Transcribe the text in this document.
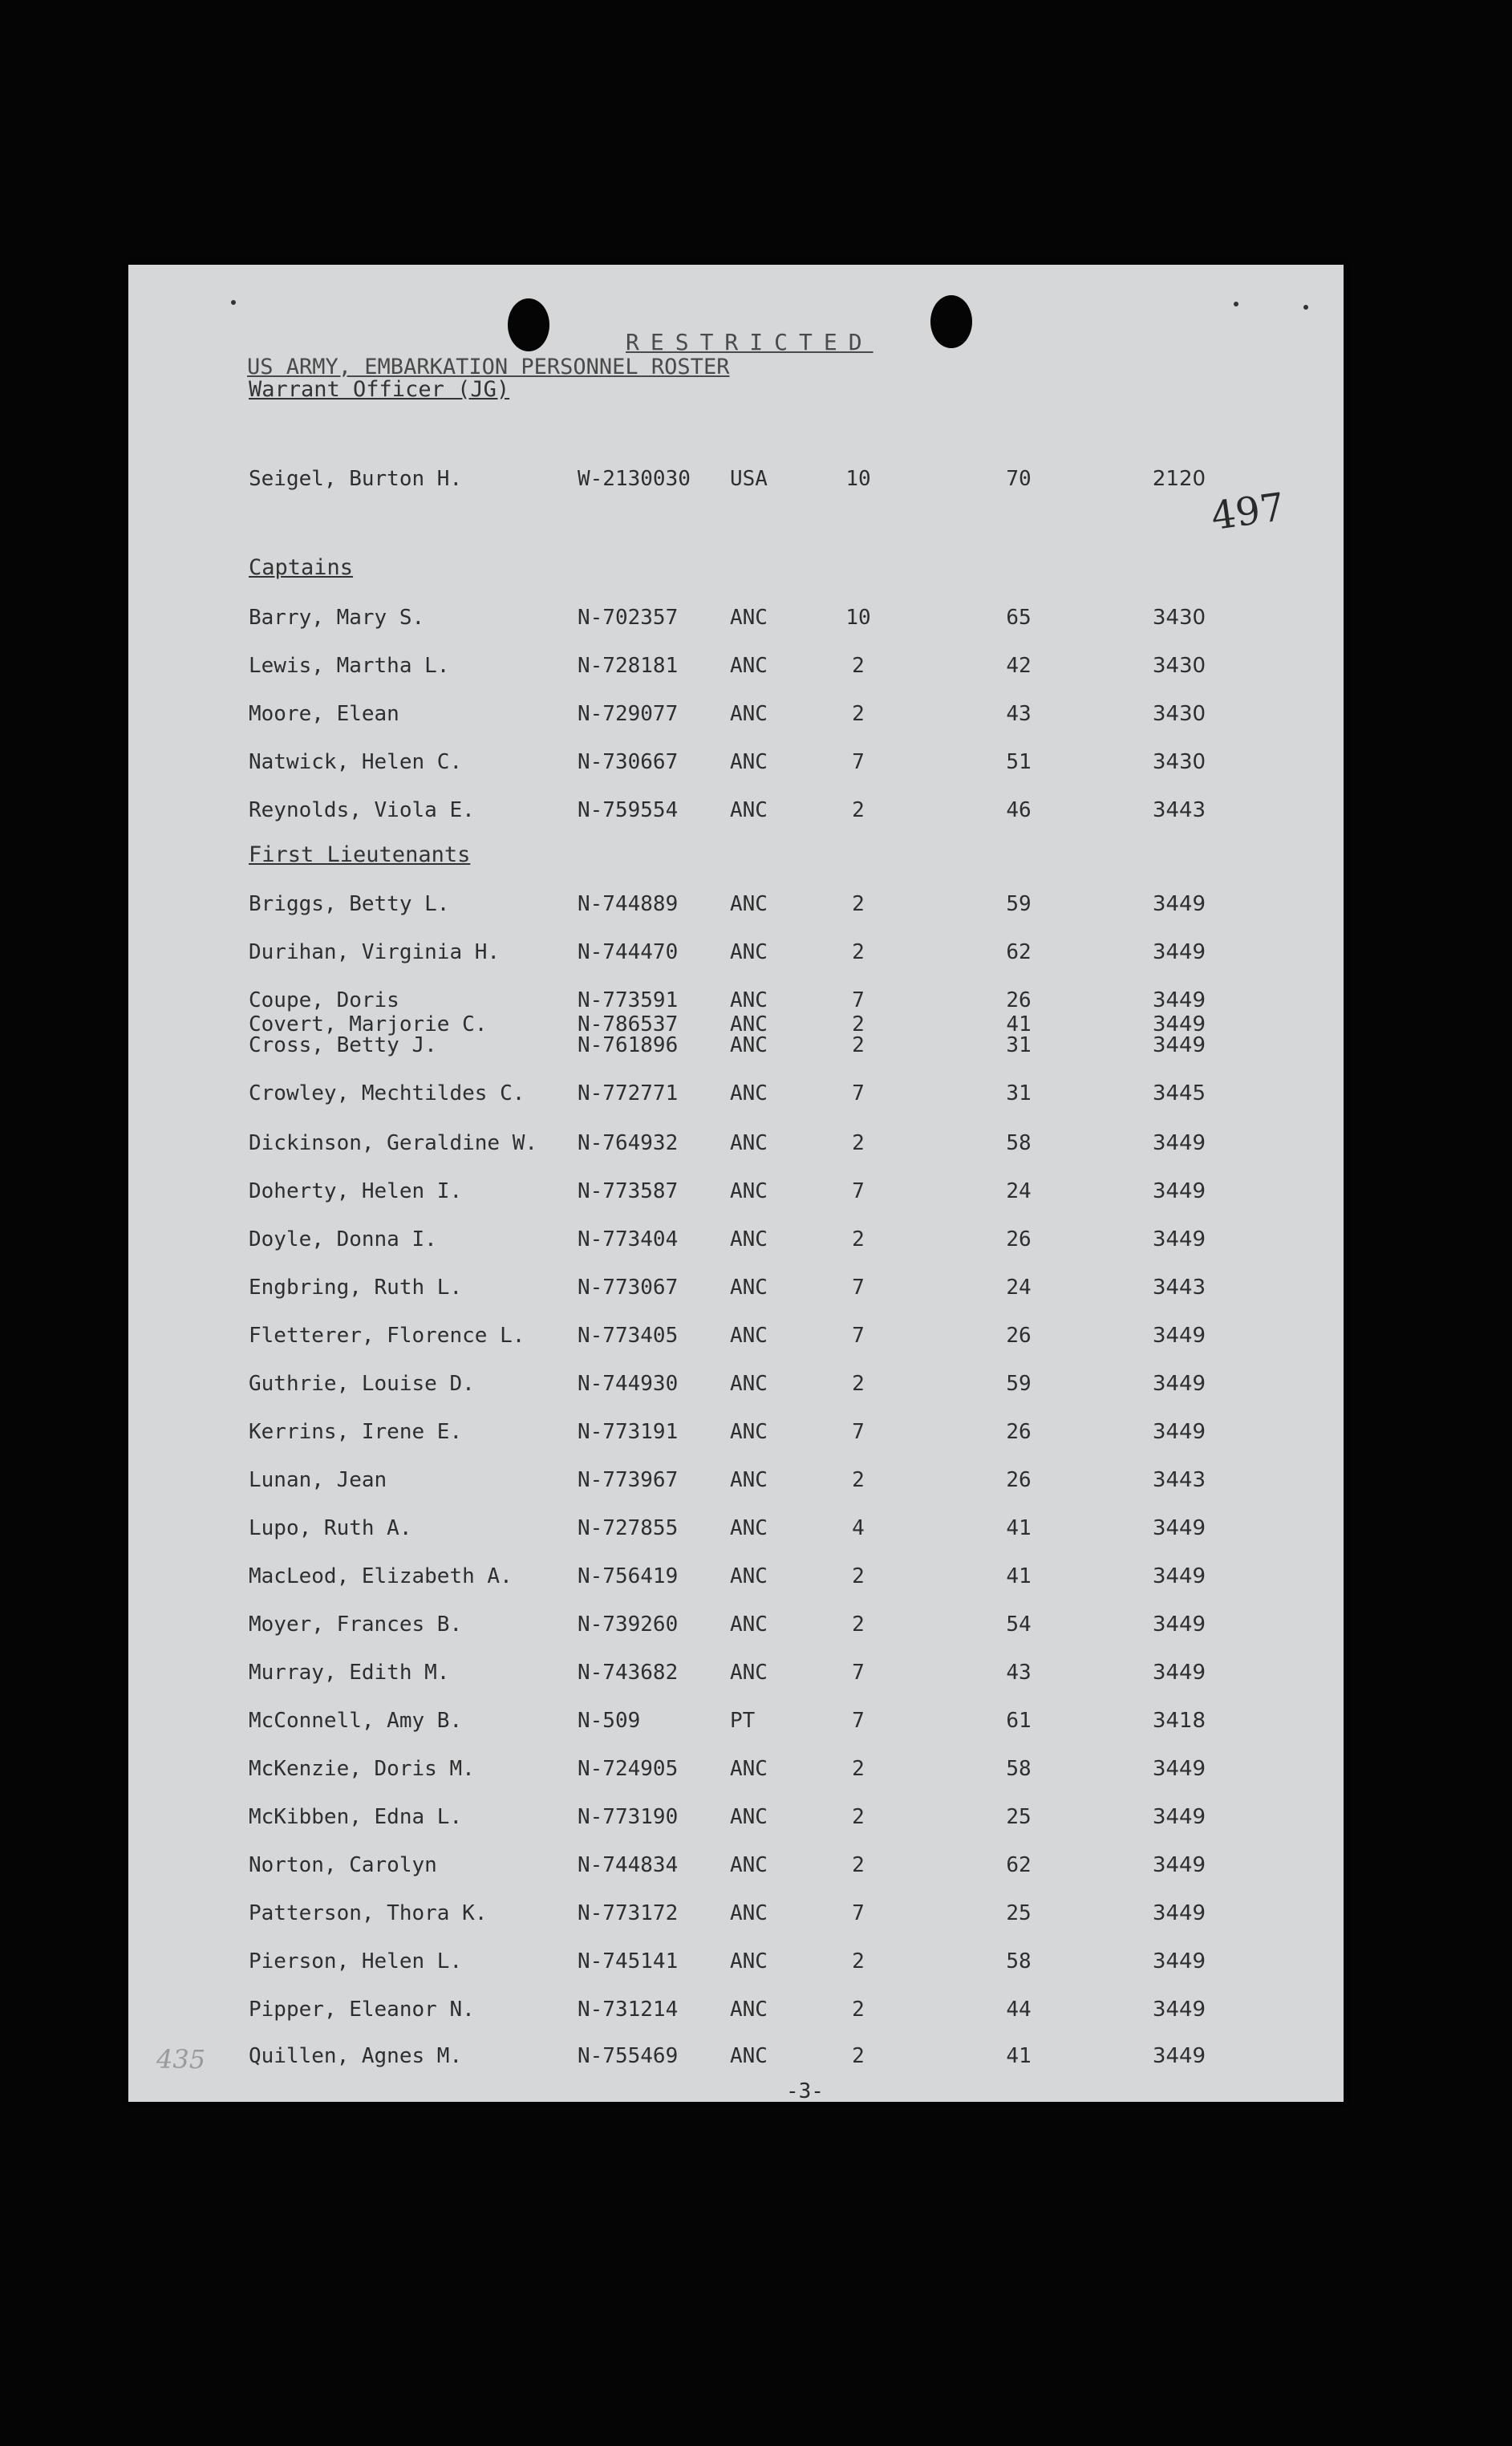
RESTRICTED
US ARMY, EMBARKATION PERSONNEL ROSTER
497
Warrant Officer (JG)
Seigel, Burton H.	W-2130030 USA	10	70	2120
Captains
Barry, Mary S.	N-702357 ANC	10	65	3430
Lewis, Martha L.	N-728181 ANC	2	42	3430
Moore, Elean	N-729077 ANC	2	43	3430
Natwick, Helen C.	N-730667 ANC	7	51	3430
Reynolds, Viola E.	N-759554 ANC	2	46	3443
First Lieutenants
Briggs, Betty L.	N-744889 ANC	2	59	3449
Durihan, Virginia H.	N-744470 ANC	2	62	3449
Coupe, Doris	N-773591 ANC	7	26	3449
Covert, Marjorie C.	N-786537 ANC	2	41	3449
Cross, Betty J.	N-761896 ANC	2	31	3449
Crowley, Mechtildes C.	N-772771 ANC	7	31	3445
Dickinson, Geraldine W. N-764932 ANC	2	58	3449
Doherty, Helen I.	N-773587 ANC	7	24	3449
Doyle, Donna I.	N-773404 ANC	2	26	3449
Engbring, Ruth L.	N-773067 ANC	7	24	3443
Fletterer, Florence L.	N-773405 ANC	7	26	3449
Guthrie, Louise D.	N-744930 ANC	2	59	3449
Kerrins, Irene E.	N-773191 ANC	7	26	3449
Lunan, Jean	N-773967 ANC	2	26	3443
Lupo, Ruth A.	N-727855 ANC	4	41	3449
MacLeod, Elizabeth A.	N-756419 ANC	2	41	3449
Moyer, Frances B.	N-739260 ANC	2	54	3449
Murray, Edith M.	N-743682 ANC	7	43	3449
McConnell, Amy B.	N-509	PT	7	61	3418
McKenzie, Doris M.	N-724905 ANC	2	58	3449
McKibben, Edna L.	N-773190 ANC	2	25	3449
Norton, Carolyn	N-744834 ANC	2	62	3449
Patterson, Thora K.	N-773172 ANC	7	25	3449
Pierson, Helen L.	N-745141 ANC	2	58	3449
Pipper, Eleanor N.	N-731214 ANC	2	44	3449
Quillen, Agnes M.	N-755469 ANC	2	41	3449
-3-
435
